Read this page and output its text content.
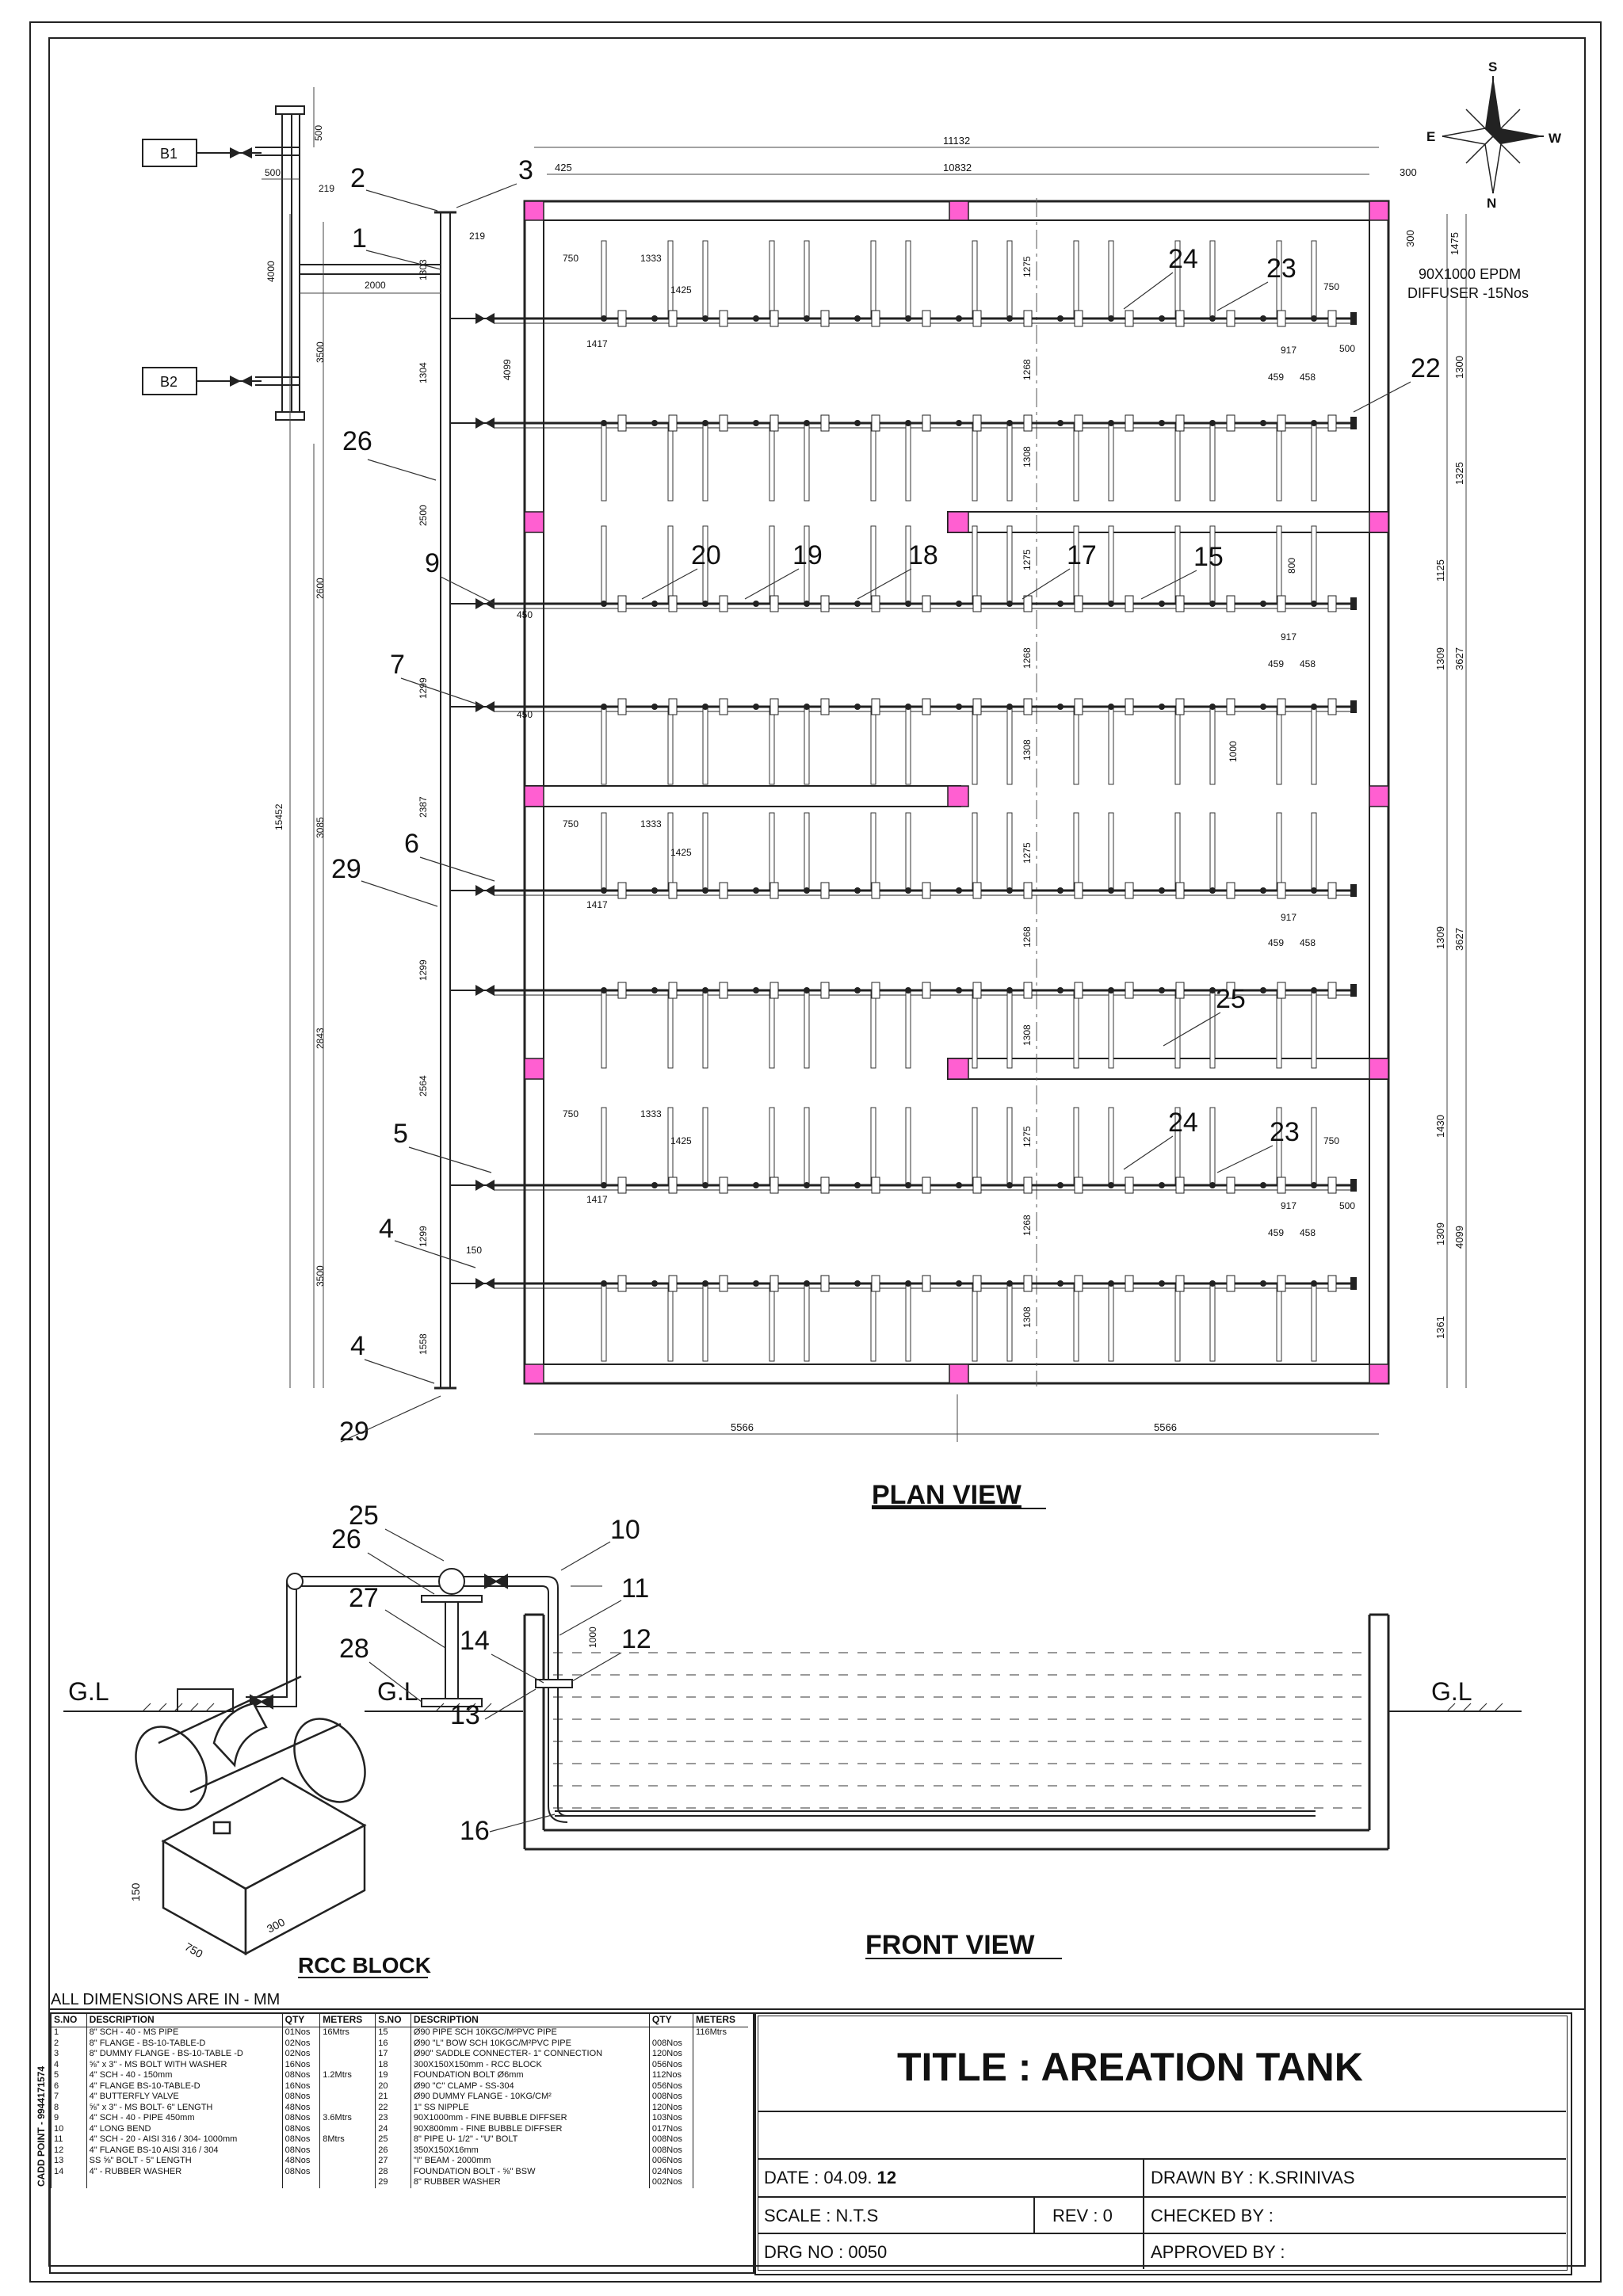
S
N
E	W
750	1333
1425
1417
750	1333
1425
1417
750	1333
1425
1417
750
500
917
459 458
917
459 458
917
459 458
750
500
917
459 458
450
450
150
1275
1308
1275
1308
1275
1308
1275
1308
1268
1268
1268
1268
800
1000
B1
B2
500
500
219
219
2000
4000
3500
1303
1304
2500
2600
1299
2387
3085
1299
2843
2564
1299
3500
1558
15452
4099
11132
10832
425	300
1475
300
90X1000 EPDM
DIFFUSER -15Nos
1300
1325
1125
1309 3627
1309 3627
1430
1309 4099
1361
5566	5566
1
2	3
26
9
7
6
29
5
4
4
29
20	19	18	17	15
24	23
22
25
24	23
PLAN VIEW
G.L	G.L	G.L
1000
25
26
27
28
10
11
14	12
13
16
FRONT VIEW
150
750
300
RCC BLOCK
ALL DIMENSIONS ARE IN - MM
CADD POINT - 9944171574
S.NO	DESCRIPTION	QTY	METERS	S.NO	DESCRIPTION	QTY	METERS
1	8" SCH - 40 - MS PIPE	01Nos	16Mtrs	15	Ø90 PIPE SCH 10KGC/M²PVC PIPE		116Mtrs
2	8" FLANGE - BS-10-TABLE-D	02Nos		16	Ø90 "L" BOW SCH 10KGC/M²PVC PIPE	008Nos	
3	8" DUMMY FLANGE - BS-10-TABLE -D	02Nos		17	Ø90" SADDLE CONNECTER- 1" CONNECTION	120Nos	
4	⅝" x 3" - MS BOLT WITH WASHER	16Nos		18	300X150X150mm - RCC BLOCK	056Nos	
5	4" SCH - 40 - 150mm	08Nos	1.2Mtrs	19	FOUNDATION BOLT Ø6mm	112Nos	
6	4" FLANGE BS-10-TABLE-D	16Nos		20	Ø90 "C" CLAMP - SS-304	056Nos	
7	4" BUTTERFLY VALVE	08Nos		21	Ø90 DUMMY FLANGE - 10KG/CM²	008Nos	
8	⅝" x 3" - MS BOLT- 6" LENGTH	48Nos		22	1" SS NIPPLE	120Nos	
9	4" SCH - 40 - PIPE 450mm	08Nos	3.6Mtrs	23	90X1000mm - FINE BUBBLE DIFFSER	103Nos	
10	4" LONG BEND	08Nos		24	90X800mm - FINE BUBBLE DIFFSER	017Nos	
11	4" SCH - 20 - AISI 316 / 304- 1000mm	08Nos	8Mtrs	25	8" PIPE U- 1/2" - "U" BOLT	008Nos	
12	4" FLANGE BS-10 AISI 316 / 304	08Nos		26	350X150X16mm	008Nos	
13	SS ⅝" BOLT - 5" LENGTH	48Nos		27	"I" BEAM - 2000mm	006Nos	
14	4" - RUBBER WASHER	08Nos		28	FOUNDATION BOLT - ⅝" BSW	024Nos	
				29	8" RUBBER WASHER	002Nos	
TITLE : AREATION TANK
DATE : 04.09. 12	DRAWN BY : K.SRINIVAS
SCALE : N.T.S	REV : 0 CHECKED BY :
DRG NO : 0050	APPROVED BY :
